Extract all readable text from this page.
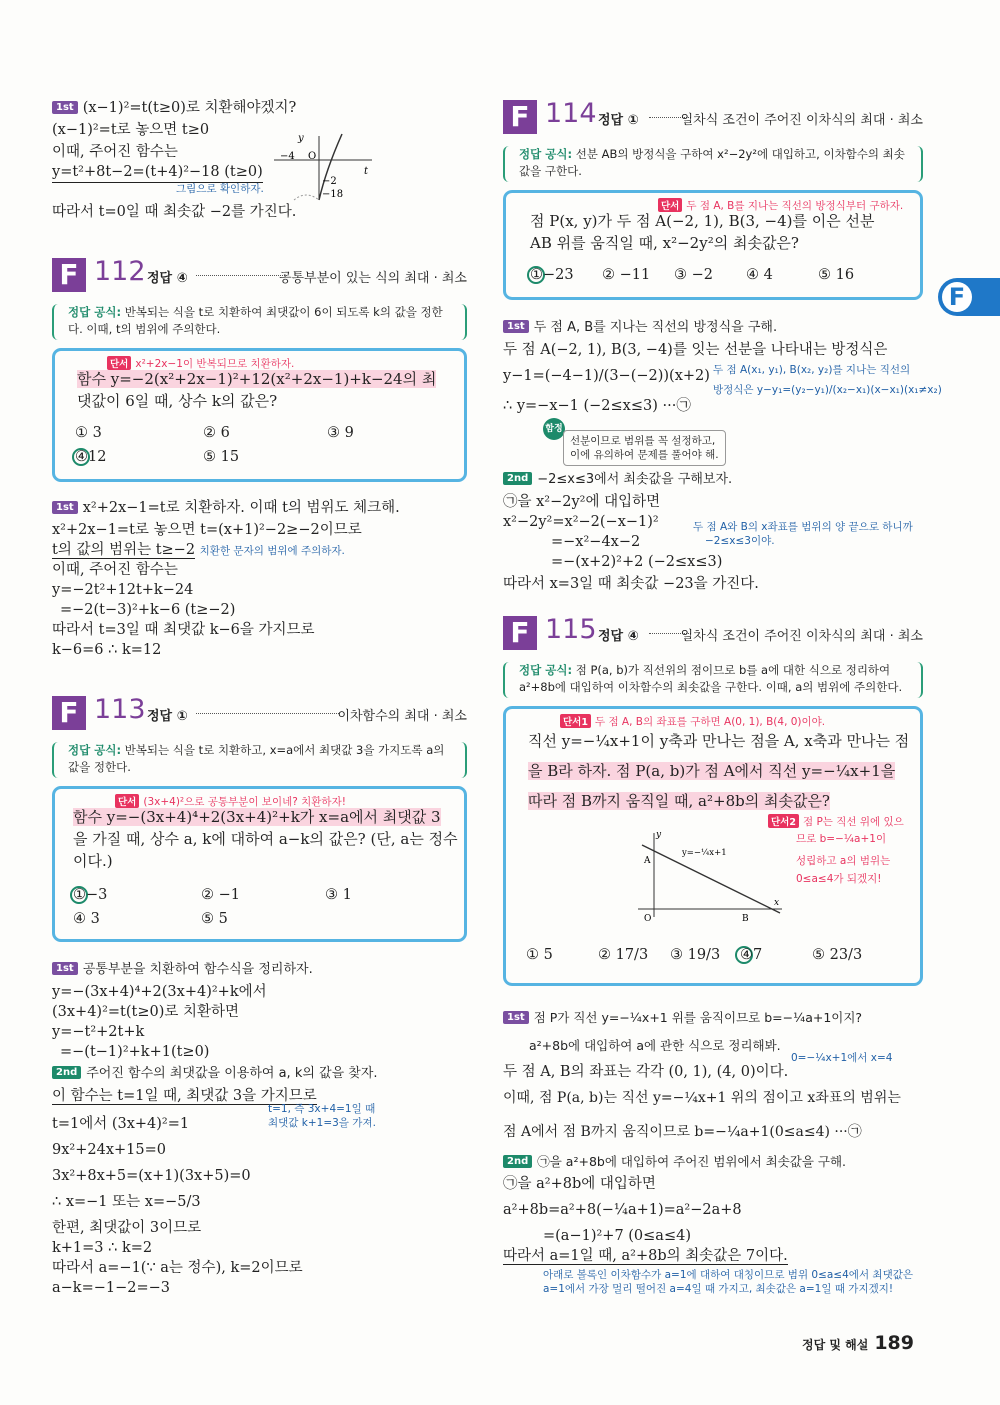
F
1st (x−1)²=t(t≥0)로 치환해야겠지?
(x−1)²=t로 놓으면 t≥0
이때, 주어진 함수는
y=t²+8t−2=(t+4)²−18 (t≥0)
그림으로 확인하자.
따라서 t=0일 때 최솟값 −2를 가진다.
y
t
−4 O
−2
−18
F 112 정답 ④	공통부분이 있는 식의 최대 · 최소
정답 공식: 반복되는 식을 t로 치환하여 최댓값이 6이 되도록 k의 값을 정한다. 이때, t의 범위에 주의한다.
단서 x²+2x−1이 반복되므로 치환하자.
함수 y=−2(x²+2x−1)²+12(x²+2x−1)+k−24의 최
댓값이 6일 때, 상수 k의 값은?
① 3	② 6	③ 9
④12	⑤ 15
1st x²+2x−1=t로 치환하자. 이때 t의 범위도 체크해.
x²+2x−1=t로 놓으면 t=(x+1)²−2≥−2이므로
t의 값의 범위는 t≥−2 치환한 문자의 범위에 주의하자.
이때, 주어진 함수는
y=−2t²+12t+k−24
=−2(t−3)²+k−6 (t≥−2)
따라서 t=3일 때 최댓값 k−6을 가지므로
k−6=6 ∴ k=12
F 113 정답 ①	이차함수의 최대 · 최소
정답 공식: 반복되는 식을 t로 치환하고, x=a에서 최댓값 3을 가지도록 a의 값을 정한다.
단서 (3x+4)²으로 공통부분이 보이네? 치환하자!
함수 y=−(3x+4)⁴+2(3x+4)²+k가 x=a에서 최댓값 3
을 가질 때, 상수 a, k에 대하여 a−k의 값은? (단, a는 정수
이다.)
①−3	② −1	③ 1
④ 3	⑤ 5
1st 공통부분을 치환하여 함수식을 정리하자.
y=−(3x+4)⁴+2(3x+4)²+k에서
(3x+4)²=t(t≥0)로 치환하면
y=−t²+2t+k
=−(t−1)²+k+1(t≥0)
2nd 주어진 함수의 최댓값을 이용하여 a, k의 값을 찾자.
이 함수는 t=1일 때, 최댓값 3을 가지므로
t=1에서 (3x+4)²=1
t=1, 즉 3x+4=1일 때
최댓값 k+1=3을 가져.
9x²+24x+15=0
3x²+8x+5=(x+1)(3x+5)=0
∴ x=−1 또는 x=−5/3
한편, 최댓값이 3이므로
k+1=3 ∴ k=2
따라서 a=−1(∵ a는 정수), k=2이므로
a−k=−1−2=−3
F 114 정답 ①	일차식 조건이 주어진 이차식의 최대 · 최소
정답 공식: 선분 AB의 방정식을 구하여 x²−2y²에 대입하고, 이차함수의 최솟값을 구한다.
단서 두 점 A, B를 지나는 직선의 방정식부터 구하자.
점 P(x, y)가 두 점 A(−2, 1), B(3, −4)를 이은 선분
AB 위를 움직일 때, x²−2y²의 최솟값은?
①−23 ② −11 ③ −2 ④ 4	⑤ 16
1st 두 점 A, B를 지나는 직선의 방정식을 구해.
두 점 A(−2, 1), B(3, −4)를 잇는 선분을 나타내는 방정식은
y−1=(−4−1)/(3−(−2))(x+2) 두 점 A(x₁, y₁), B(x₂, y₂)를 지나는 직선의
방정식은 y−y₁=(y₂−y₁)/(x₂−x₁)(x−x₁)(x₁≠x₂)
∴ y=−x−1 (−2≤x≤3) ···㉠
함정
선분이므로 범위를 꼭 설정하고,
이에 유의하여 문제를 풀어야 해.
2nd −2≤x≤3에서 최솟값을 구해보자.
㉠을 x²−2y²에 대입하면
x²−2y²=x²−2(−x−1)²
=−x²−4x−2
=−(x+2)²+2 (−2≤x≤3)
두 점 A와 B의 x좌표를 범위의 양 끝으로 하니까
−2≤x≤3이야.
따라서 x=3일 때 최솟값 −23을 가진다.
F 115 정답 ④	일차식 조건이 주어진 이차식의 최대 · 최소
정답 공식: 점 P(a, b)가 직선위의 점이므로 b를 a에 대한 식으로 정리하여 a²+8b에 대입하여 이차함수의 최솟값을 구한다. 이때, a의 범위에 주의한다.
단서1 두 점 A, B의 좌표를 구하면 A(0, 1), B(4, 0)이야.
직선 y=−¼x+1이 y축과 만나는 점을 A, x축과 만나는 점
을 B라 하자. 점 P(a, b)가 점 A에서 직선 y=−¼x+1을
따라 점 B까지 움직일 때, a²+8b의 최솟값은?
단서2 점 P는 직선 위에 있으
므로 b=−¼a+1이
성립하고 a의 범위는
0≤a≤4가 되겠지!
y
x
A
B
O
y=−¼x+1
① 5	② 17/3 ③ 19/3 ④7	⑤ 23/3
1st 점 P가 직선 y=−¼x+1 위를 움직이므로 b=−¼a+1이지?
a²+8b에 대입하여 a에 관한 식으로 정리해봐.
0=−¼x+1에서 x=4
두 점 A, B의 좌표는 각각 (0, 1), (4, 0)이다.
이때, 점 P(a, b)는 직선 y=−¼x+1 위의 점이고 x좌표의 범위는
점 A에서 점 B까지 움직이므로 b=−¼a+1(0≤a≤4) ···㉠
2nd ㉠을 a²+8b에 대입하여 주어진 범위에서 최솟값을 구해.
㉠을 a²+8b에 대입하면
a²+8b=a²+8(−¼a+1)=a²−2a+8
=(a−1)²+7 (0≤a≤4)
따라서 a=1일 때, a²+8b의 최솟값은 7이다.
아래로 볼록인 이차함수가 a=1에 대하여 대칭이므로 범위 0≤a≤4에서 최댓값은
a=1에서 가장 멀리 떨어진 a=4일 때 가지고, 최솟값은 a=1일 때 가지겠지!
정답 및 해설 189
